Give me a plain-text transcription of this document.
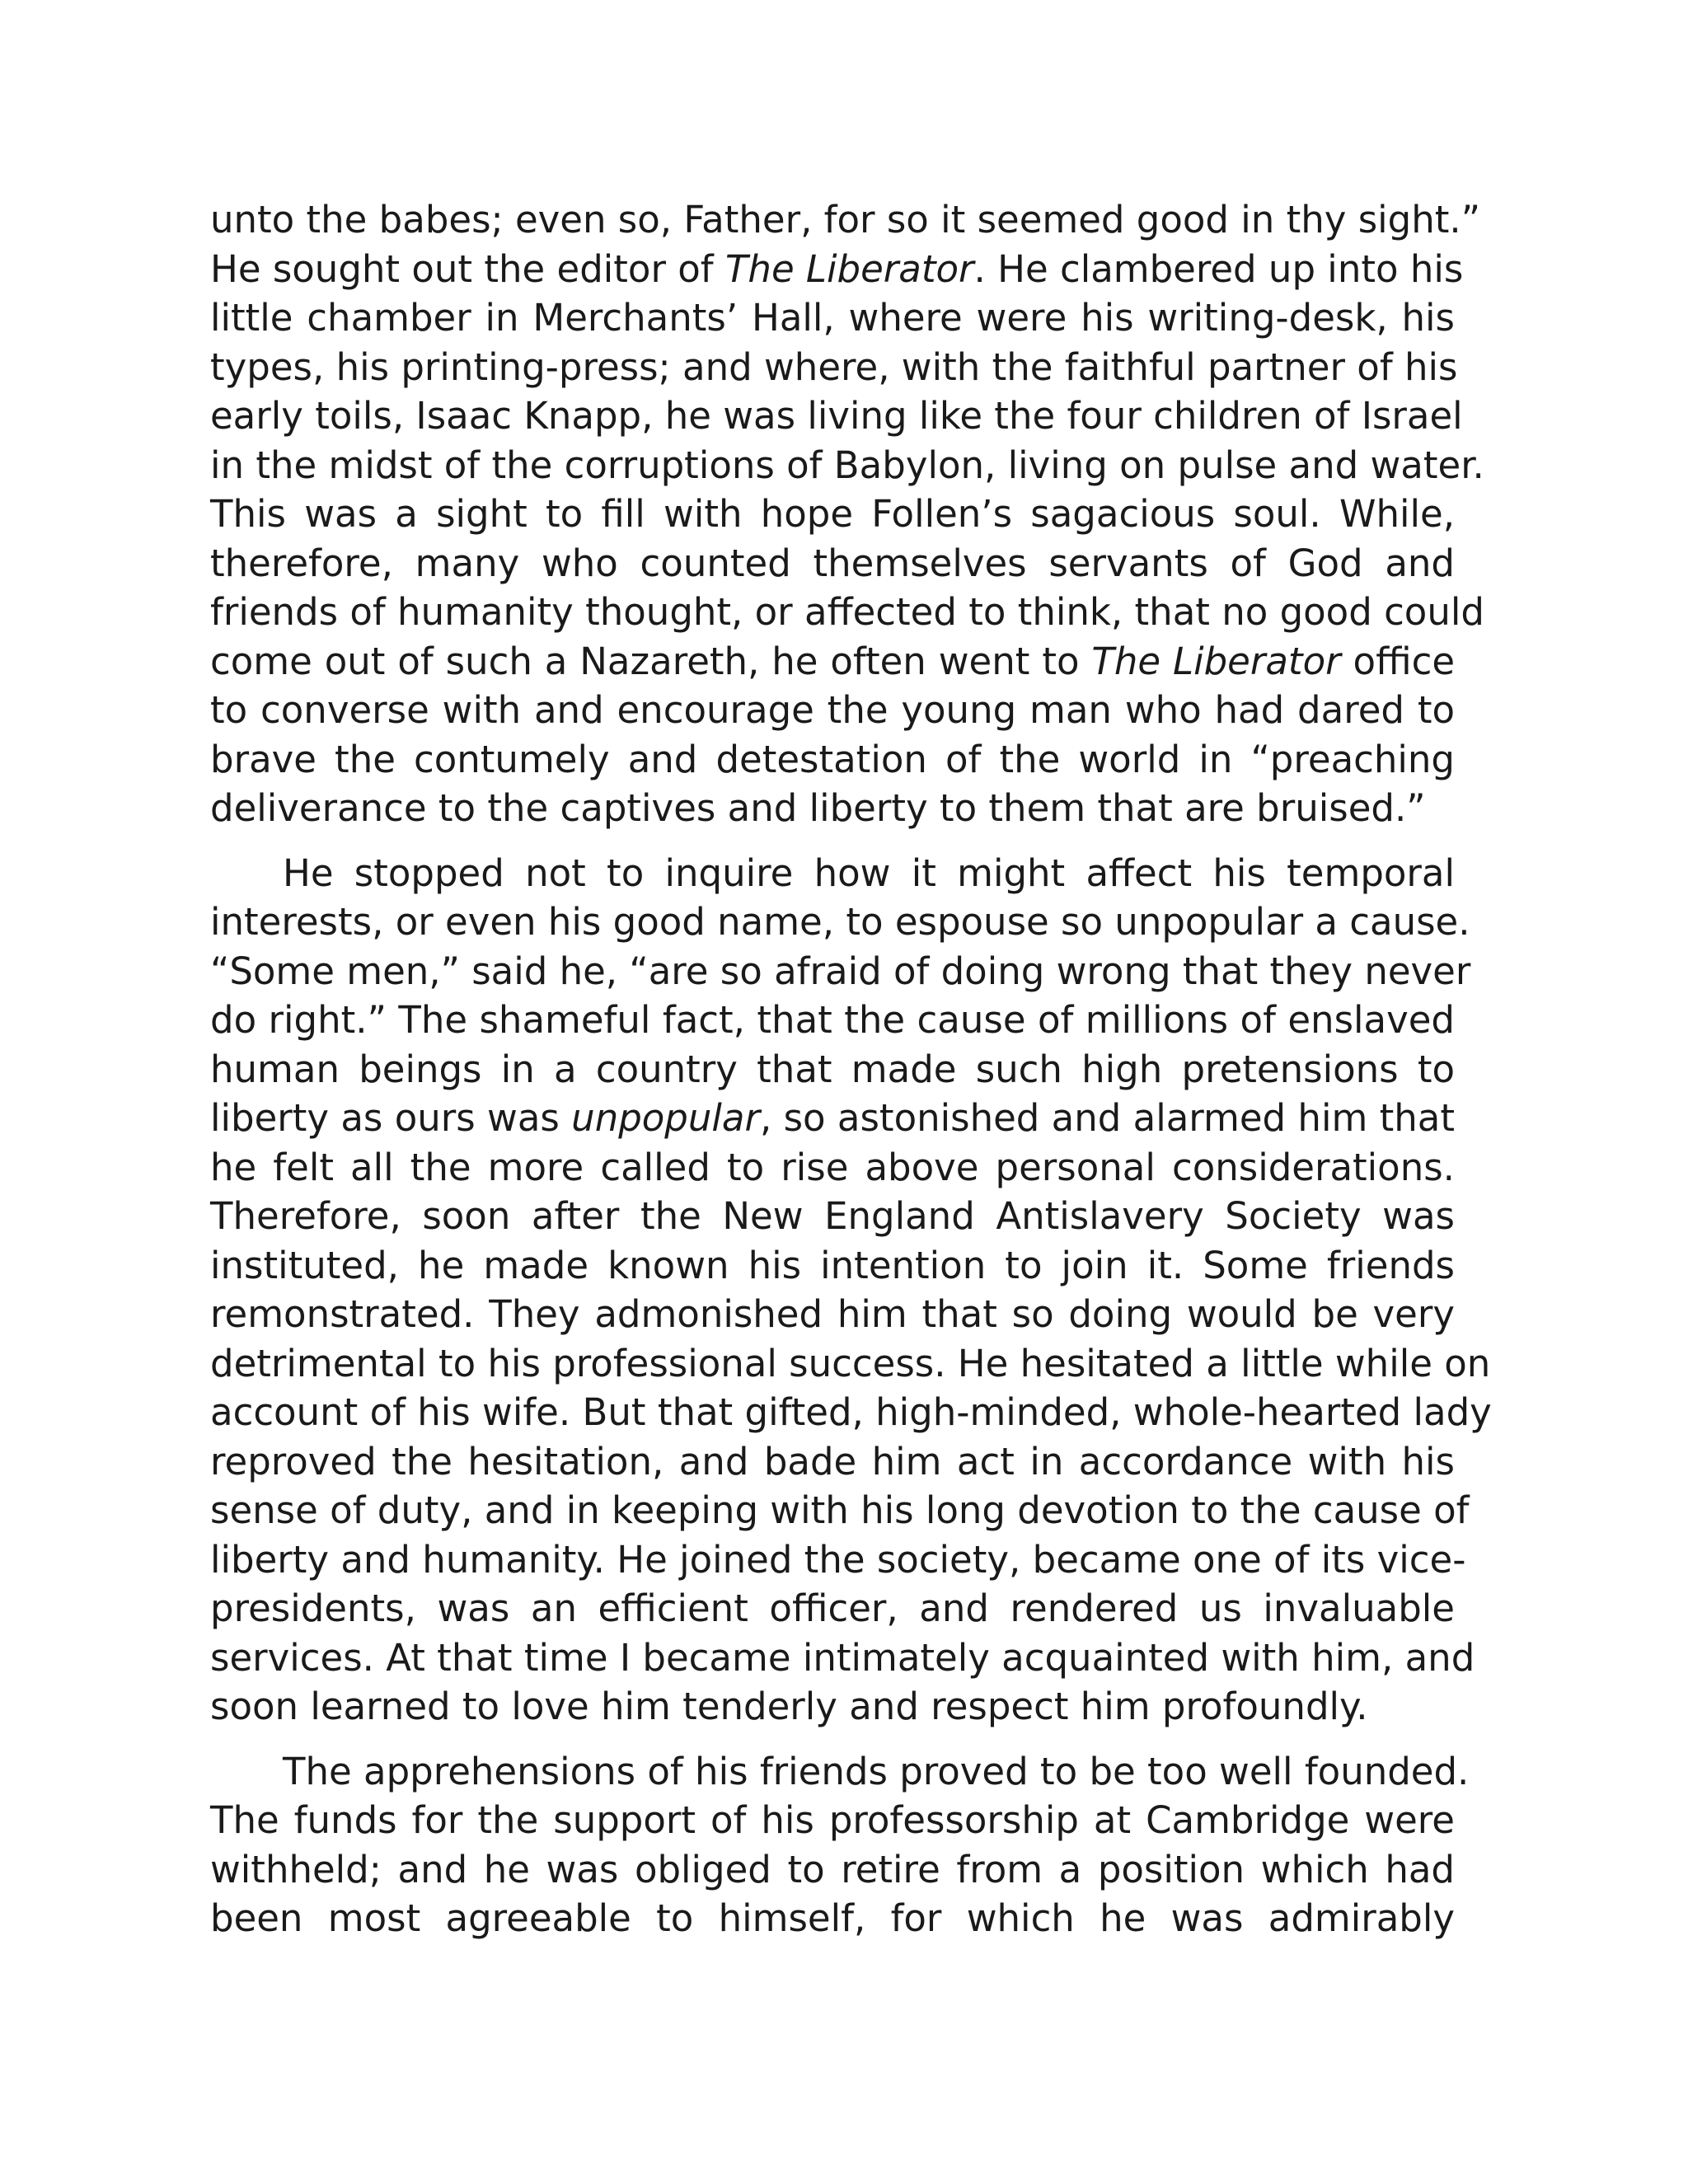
unto the babes; even so, Father, for so it seemed good in thy sight.”
He sought out the editor of The Liberator. He clambered up into his
little chamber in Merchants’ Hall, where were his writing-desk, his
types, his printing-press; and where, with the faithful partner of his
early toils, Isaac Knapp, he was living like the four children of Israel
in the midst of the corruptions of Babylon, living on pulse and water.
This was a sight to fill with hope Follen’s sagacious soul. While,
therefore, many who counted themselves servants of God and
friends of humanity thought, or affected to think, that no good could
come out of such a Nazareth, he often went to The Liberator office
to converse with and encourage the young man who had dared to
brave the contumely and detestation of the world in “preaching
deliverance to the captives and liberty to them that are bruised.”
He stopped not to inquire how it might affect his temporal
interests, or even his good name, to espouse so unpopular a cause.
“Some men,” said he, “are so afraid of doing wrong that they never
do right.” The shameful fact, that the cause of millions of enslaved
human beings in a country that made such high pretensions to
liberty as ours was unpopular, so astonished and alarmed him that
he felt all the more called to rise above personal considerations.
Therefore, soon after the New England Antislavery Society was
instituted, he made known his intention to join it. Some friends
remonstrated. They admonished him that so doing would be very
detrimental to his professional success. He hesitated a little while on
account of his wife. But that gifted, high-minded, whole-hearted lady
reproved the hesitation, and bade him act in accordance with his
sense of duty, and in keeping with his long devotion to the cause of
liberty and humanity. He joined the society, became one of its vice-
presidents, was an efficient officer, and rendered us invaluable
services. At that time I became intimately acquainted with him, and
soon learned to love him tenderly and respect him profoundly.
The apprehensions of his friends proved to be too well founded.
The funds for the support of his professorship at Cambridge were
withheld; and he was obliged to retire from a position which had
been most agreeable to himself, for which he was admirably
